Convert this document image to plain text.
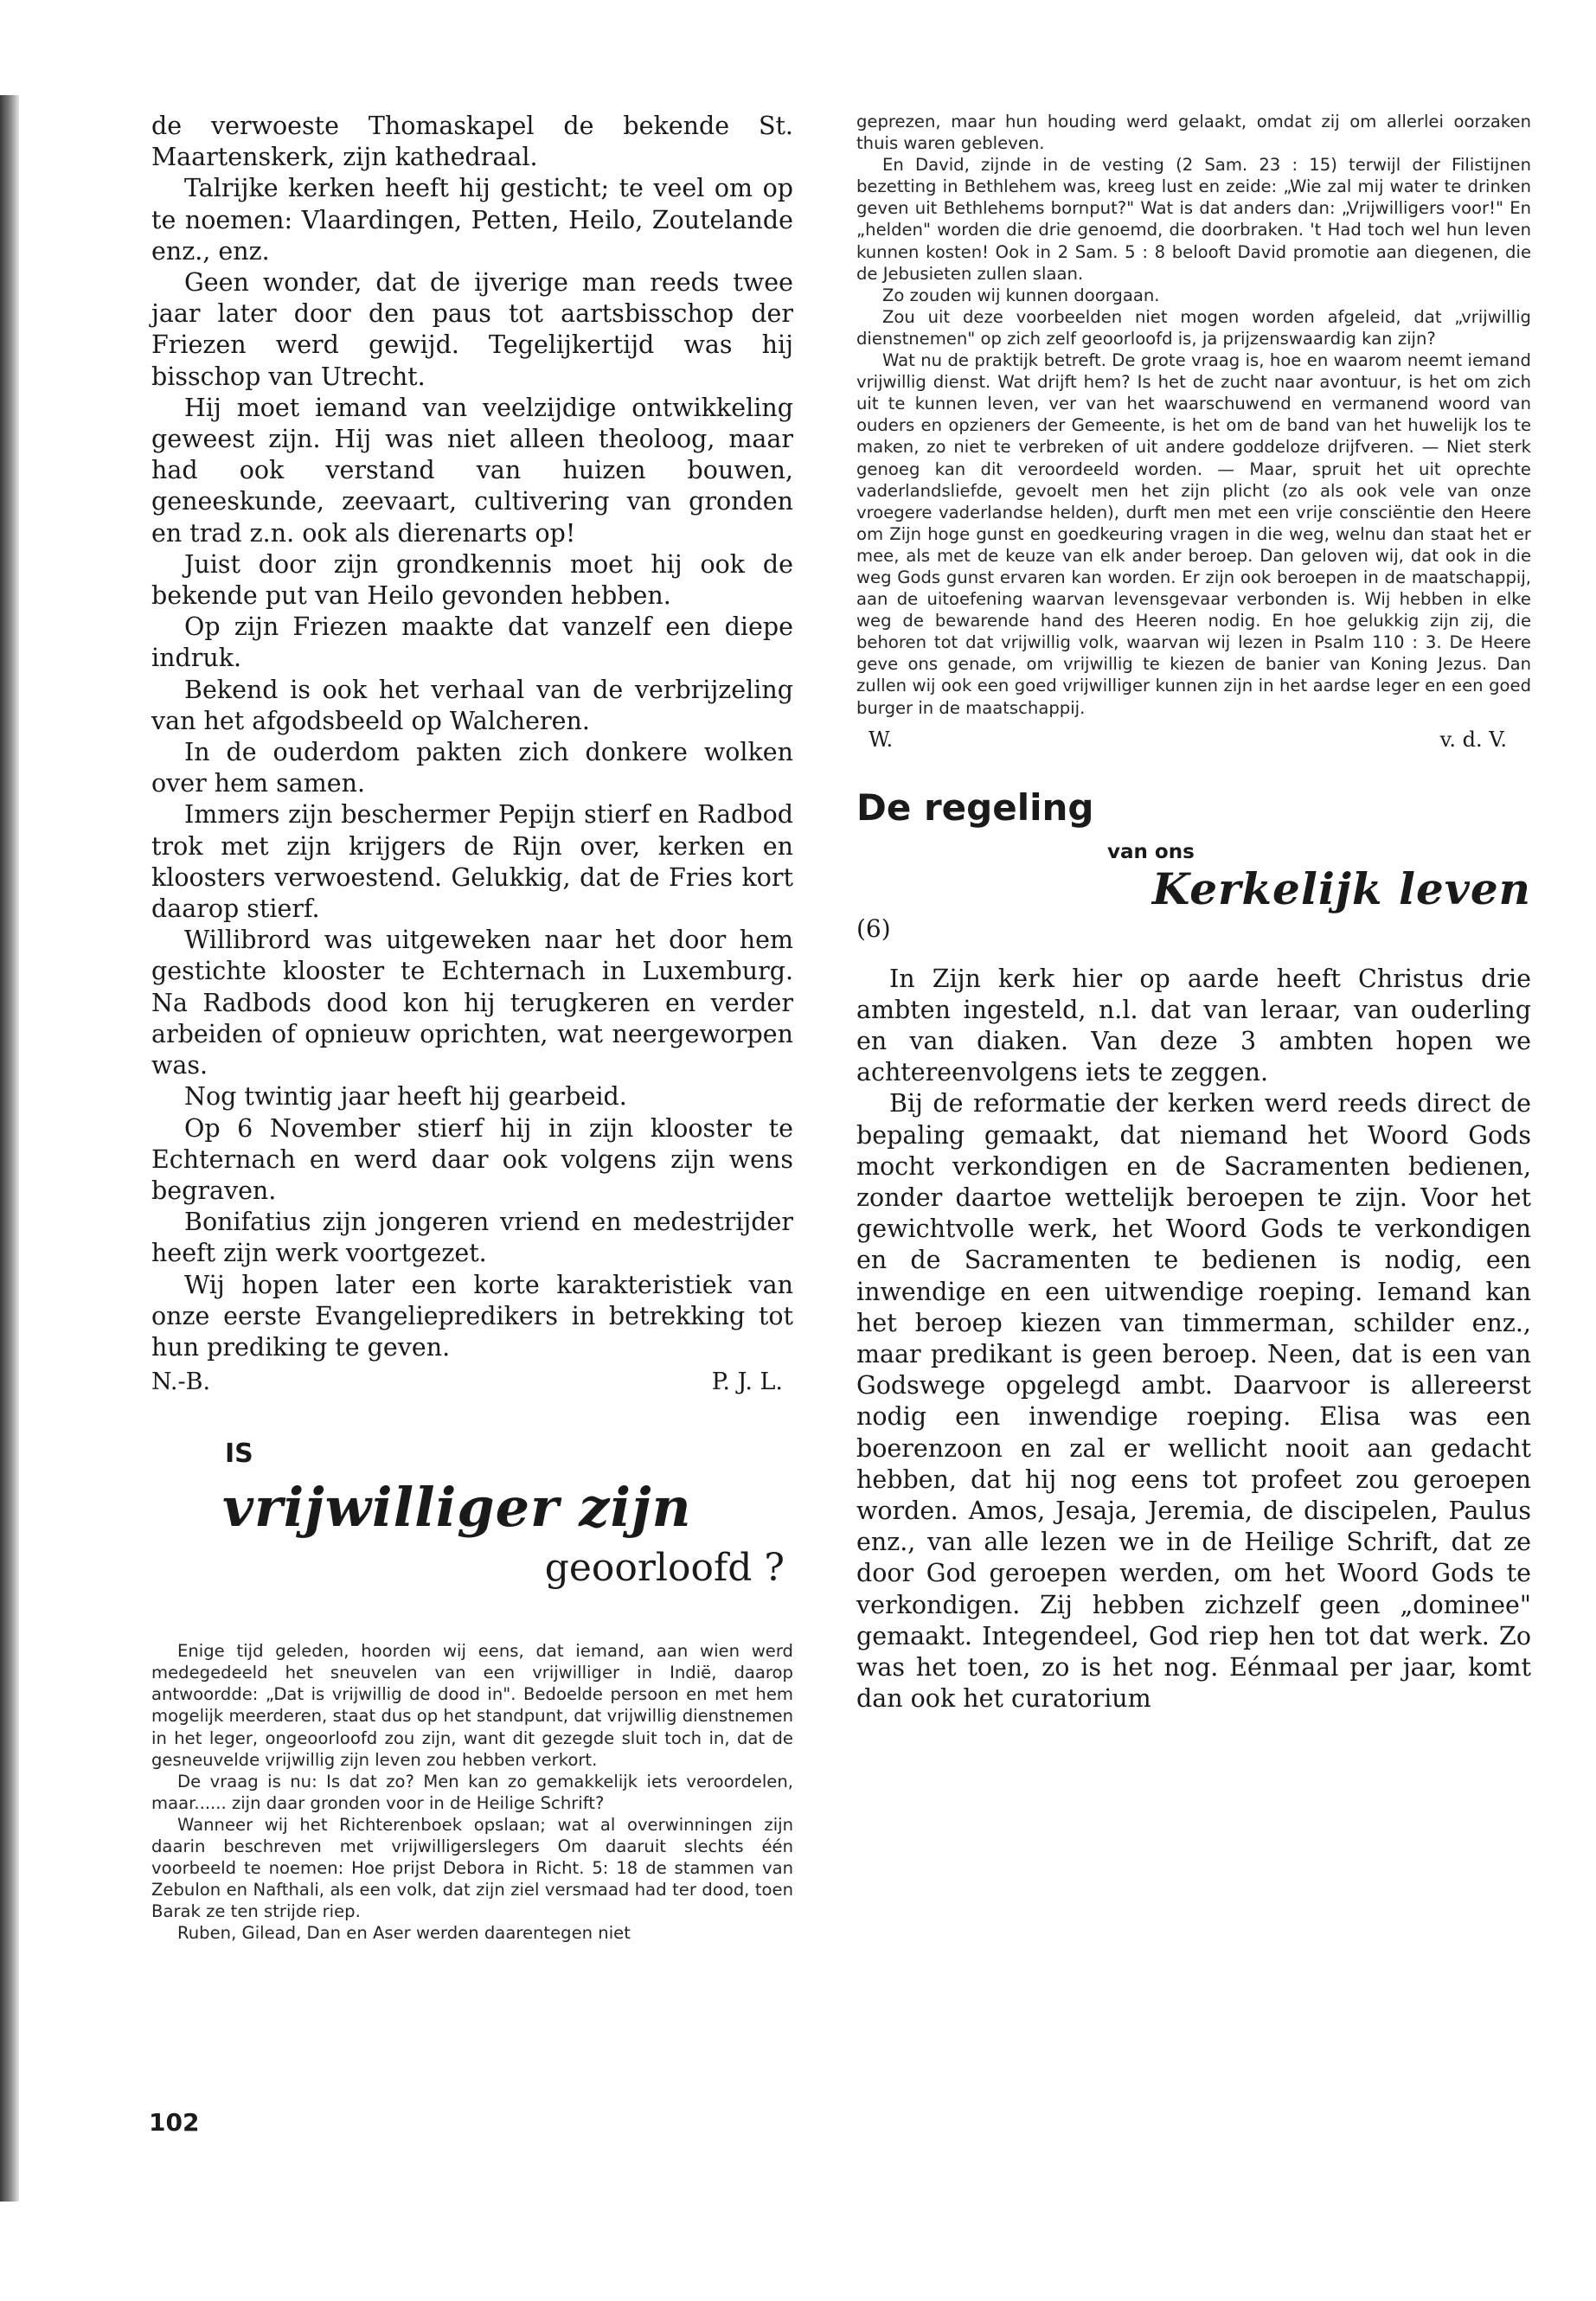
de verwoeste Thomaskapel de bekende St. Maartenskerk, zijn kathedraal.

Talrijke kerken heeft hij gesticht; te veel om op te noemen: Vlaardingen, Petten, Heilo, Zoutelande enz., enz.

Geen wonder, dat de ijverige man reeds twee jaar later door den paus tot aartsbisschop der Friezen werd gewijd. Tegelijkertijd was hij bisschop van Utrecht.

Hij moet iemand van veelzijdige ontwikkeling geweest zijn. Hij was niet alleen theoloog, maar had ook verstand van huizen bouwen, geneeskunde, zeevaart, cultivering van gronden en trad z.n. ook als dierenarts op!

Juist door zijn grondkennis moet hij ook de bekende put van Heilo gevonden hebben.

Op zijn Friezen maakte dat vanzelf een diepe indruk.

Bekend is ook het verhaal van de verbrijzeling van het afgodsbeeld op Walcheren.

In de ouderdom pakten zich donkere wolken over hem samen.

Immers zijn beschermer Pepijn stierf en Radbod trok met zijn krijgers de Rijn over, kerken en kloosters verwoestend. Gelukkig, dat de Fries kort daarop stierf.

Willibrord was uitgeweken naar het door hem gestichte klooster te Echternach in Luxemburg. Na Radbods dood kon hij terugkeren en verder arbeiden of opnieuw oprichten, wat neergeworpen was.

Nog twintig jaar heeft hij gearbeid.

Op 6 November stierf hij in zijn klooster te Echternach en werd daar ook volgens zijn wens begraven.

Bonifatius zijn jongeren vriend en medestrijder heeft zijn werk voortgezet.

Wij hopen later een korte karakteristiek van onze eerste Evangeliepredikers in betrekking tot hun prediking te geven.

N.-B.	P. J. L.
IS
vrijwilliger zijn
geoorloofd ?

Enige tijd geleden, hoorden wij eens, dat iemand, aan wien werd medegedeeld het sneuvelen van een vrijwilliger in Indië, daarop antwoordde: „Dat is vrijwillig de dood in". Bedoelde persoon en met hem mogelijk meerderen, staat dus op het standpunt, dat vrijwillig dienstnemen in het leger, ongeoorloofd zou zijn, want dit gezegde sluit toch in, dat de gesneuvelde vrijwillig zijn leven zou hebben verkort.

De vraag is nu: Is dat zo? Men kan zo gemakkelijk iets veroordelen, maar...... zijn daar gronden voor in de Heilige Schrift?

Wanneer wij het Richterenboek opslaan; wat al overwinningen zijn daarin beschreven met vrijwilligerslegers Om daaruit slechts één voorbeeld te noemen: Hoe prijst Debora in Richt. 5: 18 de stammen van Zebulon en Nafthali, als een volk, dat zijn ziel versmaad had ter dood, toen Barak ze ten strijde riep.

Ruben, Gilead, Dan en Aser werden daarentegen niet

geprezen, maar hun houding werd gelaakt, omdat zij om allerlei oorzaken thuis waren gebleven.

En David, zijnde in de vesting (2 Sam. 23 : 15) terwijl der Filistijnen bezetting in Bethlehem was, kreeg lust en zeide: „Wie zal mij water te drinken geven uit Bethlehems bornput?" Wat is dat anders dan: „Vrijwilligers voor!" En „helden" worden die drie genoemd, die doorbraken. 't Had toch wel hun leven kunnen kosten! Ook in 2 Sam. 5 : 8 belooft David promotie aan diegenen, die de Jebusieten zullen slaan.

Zo zouden wij kunnen doorgaan.

Zou uit deze voorbeelden niet mogen worden afgeleid, dat „vrijwillig dienstnemen" op zich zelf geoorloofd is, ja prijzenswaardig kan zijn?

Wat nu de praktijk betreft. De grote vraag is, hoe en waarom neemt iemand vrijwillig dienst. Wat drijft hem? Is het de zucht naar avontuur, is het om zich uit te kunnen leven, ver van het waarschuwend en vermanend woord van ouders en opzieners der Gemeente, is het om de band van het huwelijk los te maken, zo niet te verbreken of uit andere goddeloze drijfveren. — Niet sterk genoeg kan dit veroordeeld worden. — Maar, spruit het uit oprechte vaderlandsliefde, gevoelt men het zijn plicht (zo als ook vele van onze vroegere vaderlandse helden), durft men met een vrije consciëntie den Heere om Zijn hoge gunst en goedkeuring vragen in die weg, welnu dan staat het er mee, als met de keuze van elk ander beroep. Dan geloven wij, dat ook in die weg Gods gunst ervaren kan worden. Er zijn ook beroepen in de maatschappij, aan de uitoefening waarvan levensgevaar verbonden is. Wij hebben in elke weg de bewarende hand des Heeren nodig. En hoe gelukkig zijn zij, die behoren tot dat vrijwillig volk, waarvan wij lezen in Psalm 110 : 3. De Heere geve ons genade, om vrijwillig te kiezen de banier van Koning Jezus. Dan zullen wij ook een goed vrijwilliger kunnen zijn in het aardse leger en een goed burger in de maatschappij.

W.	v. d. V.
De regeling
van ons
Kerkelijk leven
(6)

In Zijn kerk hier op aarde heeft Christus drie ambten ingesteld, n.l. dat van leraar, van ouderling en van diaken. Van deze 3 ambten hopen we achtereenvolgens iets te zeggen.

Bij de reformatie der kerken werd reeds direct de bepaling gemaakt, dat niemand het Woord Gods mocht verkondigen en de Sacramenten bedienen, zonder daartoe wettelijk beroepen te zijn. Voor het gewichtvolle werk, het Woord Gods te verkondigen en de Sacramenten te bedienen is nodig, een inwendige en een uitwendige roeping. Iemand kan het beroep kiezen van timmerman, schilder enz., maar predikant is geen beroep. Neen, dat is een van Godswege opgelegd ambt. Daarvoor is allereerst nodig een inwendige roeping. Elisa was een boerenzoon en zal er wellicht nooit aan gedacht hebben, dat hij nog eens tot profeet zou geroepen worden. Amos, Jesaja, Jeremia, de discipelen, Paulus enz., van alle lezen we in de Heilige Schrift, dat ze door God geroepen werden, om het Woord Gods te verkondigen. Zij hebben zichzelf geen „dominee" gemaakt. Integendeel, God riep hen tot dat werk. Zo was het toen, zo is het nog. Eénmaal per jaar, komt dan ook het curatorium

102
